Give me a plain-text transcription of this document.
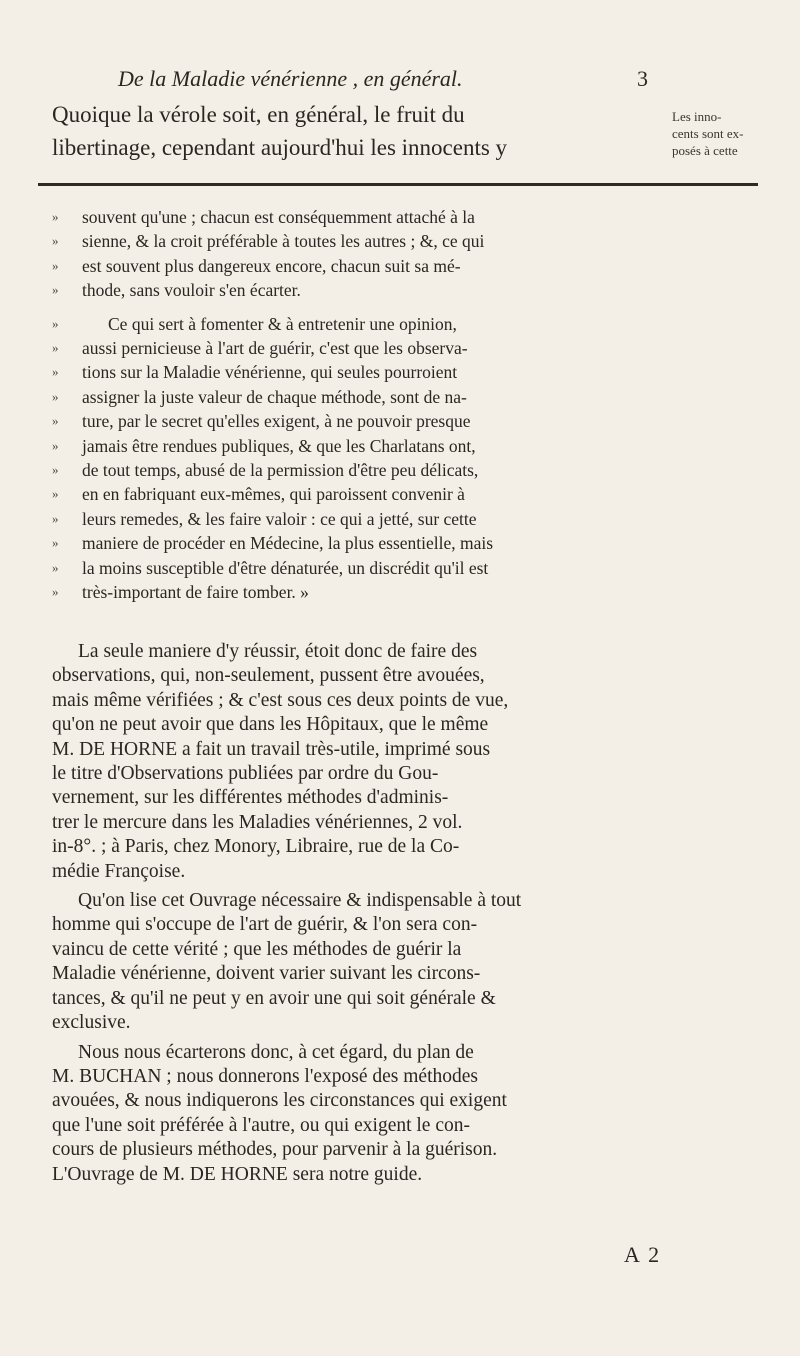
De la Maladie vénérienne , en général.	3
Quoique la vérole soit, en général, le fruit du
libertinage, cependant aujourd'hui les innocents y
Les inno-
cents sont ex-
posés à cette
» souvent qu'une ; chacun est conséquemment attaché à la
» sienne, & la croit préférable à toutes les autres ; &, ce qui
» est souvent plus dangereux encore, chacun suit sa mé-
» thode, sans vouloir s'en écarter.
»	Ce qui sert à fomenter & à entretenir une opinion,
» aussi pernicieuse à l'art de guérir, c'est que les observa-
» tions sur la Maladie vénérienne, qui seules pourroient
» assigner la juste valeur de chaque méthode, sont de na-
» ture, par le secret qu'elles exigent, à ne pouvoir presque
» jamais être rendues publiques, & que les Charlatans ont,
» de tout temps, abusé de la permission d'être peu délicats,
» en en fabriquant eux-mêmes, qui paroissent convenir à
» leurs remedes, & les faire valoir : ce qui a jetté, sur cette
» maniere de procéder en Médecine, la plus essentielle, mais
» la moins susceptible d'être dénaturée, un discrédit qu'il est
» très-important de faire tomber. »
La seule maniere d'y réussir, étoit donc de faire des
observations, qui, non-seulement, pussent être avouées,
mais même vérifiées ; & c'est sous ces deux points de vue,
qu'on ne peut avoir que dans les Hôpitaux, que le même
M. DE HORNE a fait un travail très-utile, imprimé sous
le titre d'Observations publiées par ordre du Gou-
vernement, sur les différentes méthodes d'adminis-
trer le mercure dans les Maladies vénériennes, 2 vol.
in-8°. ; à Paris, chez Monory, Libraire, rue de la Co-
médie Françoise.
Qu'on lise cet Ouvrage nécessaire & indispensable à tout
homme qui s'occupe de l'art de guérir, & l'on sera con-
vaincu de cette vérité ; que les méthodes de guérir la
Maladie vénérienne, doivent varier suivant les circons-
tances, & qu'il ne peut y en avoir une qui soit générale &
exclusive.
Nous nous écarterons donc, à cet égard, du plan de
M. BUCHAN ; nous donnerons l'exposé des méthodes
avouées, & nous indiquerons les circonstances qui exigent
que l'une soit préférée à l'autre, ou qui exigent le con-
cours de plusieurs méthodes, pour parvenir à la guérison.
L'Ouvrage de M. DE HORNE sera notre guide.
A 2
